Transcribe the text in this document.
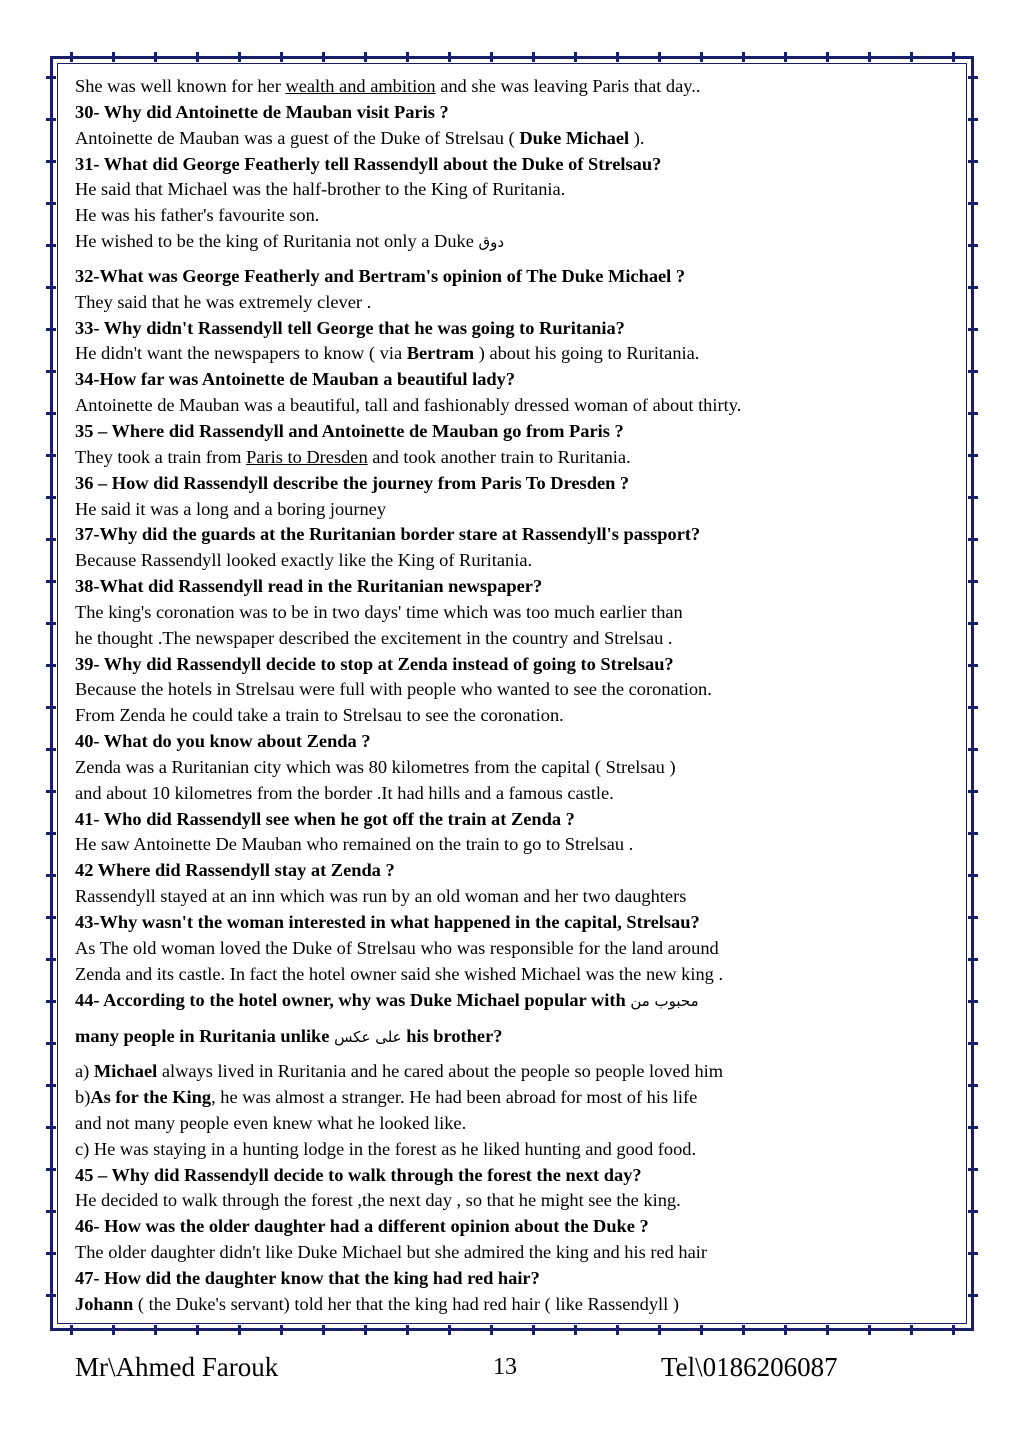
She was well known for her wealth and ambition and she was leaving Paris that day..

30- Why did Antoinette de Mauban visit Paris ?

Antoinette de Mauban was a guest of the Duke of Strelsau ( Duke Michael ).

31- What did George Featherly tell Rassendyll about the Duke of Strelsau?

He said that Michael was the half-brother to the King of Ruritania.

He was his father's favourite son.

He wished to be the king of Ruritania not only a Duke دوق

32-What was George Featherly and Bertram's opinion of The Duke Michael ?

They said that he was extremely clever .

33- Why didn't Rassendyll tell George that he was going to Ruritania?

He didn't want the newspapers to know ( via Bertram ) about his going to Ruritania.

34-How far was Antoinette de Mauban a beautiful lady?

Antoinette de Mauban was a beautiful, tall and fashionably dressed woman of about thirty.

35 – Where did Rassendyll and Antoinette de Mauban go from Paris ?

They took a train from Paris to Dresden and took another train to Ruritania.

36 – How did Rassendyll describe the journey from Paris To Dresden ?

He said it was a long and a boring journey

37-Why did the guards at the Ruritanian border stare at Rassendyll's passport?

Because Rassendyll looked exactly like the King of Ruritania.

38-What did Rassendyll read in the Ruritanian newspaper?

The king's coronation was to be in two days' time which was too much earlier than

he thought .The newspaper described the excitement in the country and Strelsau .

39- Why did Rassendyll decide to stop at Zenda instead of going to Strelsau?

Because the hotels in Strelsau were full with people who wanted to see the coronation.

From Zenda he could take a train to Strelsau to see the coronation.

40- What do you know about Zenda ?

Zenda was a Ruritanian city which was 80 kilometres from the capital ( Strelsau )

and about 10 kilometres from the border .It had hills and a famous castle.

41- Who did Rassendyll see when he got off the train at Zenda ?

He saw Antoinette De Mauban who remained on the train to go to Strelsau .

42 Where did Rassendyll stay at Zenda ?

Rassendyll stayed at an inn which was run by an old woman and her two daughters

43-Why wasn't the woman interested in what happened in the capital, Strelsau?

As The old woman loved the Duke of Strelsau who was responsible for the land around

Zenda and its castle. In fact the hotel owner said she wished Michael was the new king .

44- According to the hotel owner, why was Duke Michael popular with محبوب من

many people in Ruritania unlike على عكس his brother?

a) Michael always lived in Ruritania and he cared about the people so people loved him

b)As for the King, he was almost a stranger. He had been abroad for most of his life

and not many people even knew what he looked like.

c) He was staying in a hunting lodge in the forest as he liked hunting and good food.

45 – Why did Rassendyll decide to walk through the forest the next day?

He decided to walk through the forest ,the next day , so that he might see the king.

46- How was the older daughter had a different opinion about the Duke ?

The older daughter didn't like Duke Michael but she admired the king and his red hair

47- How did the daughter know that the king had red hair?

Johann ( the Duke's servant) told her that the king had red hair ( like Rassendyll )

Mr\Ahmed Farouk	13	Tel\0186206087
